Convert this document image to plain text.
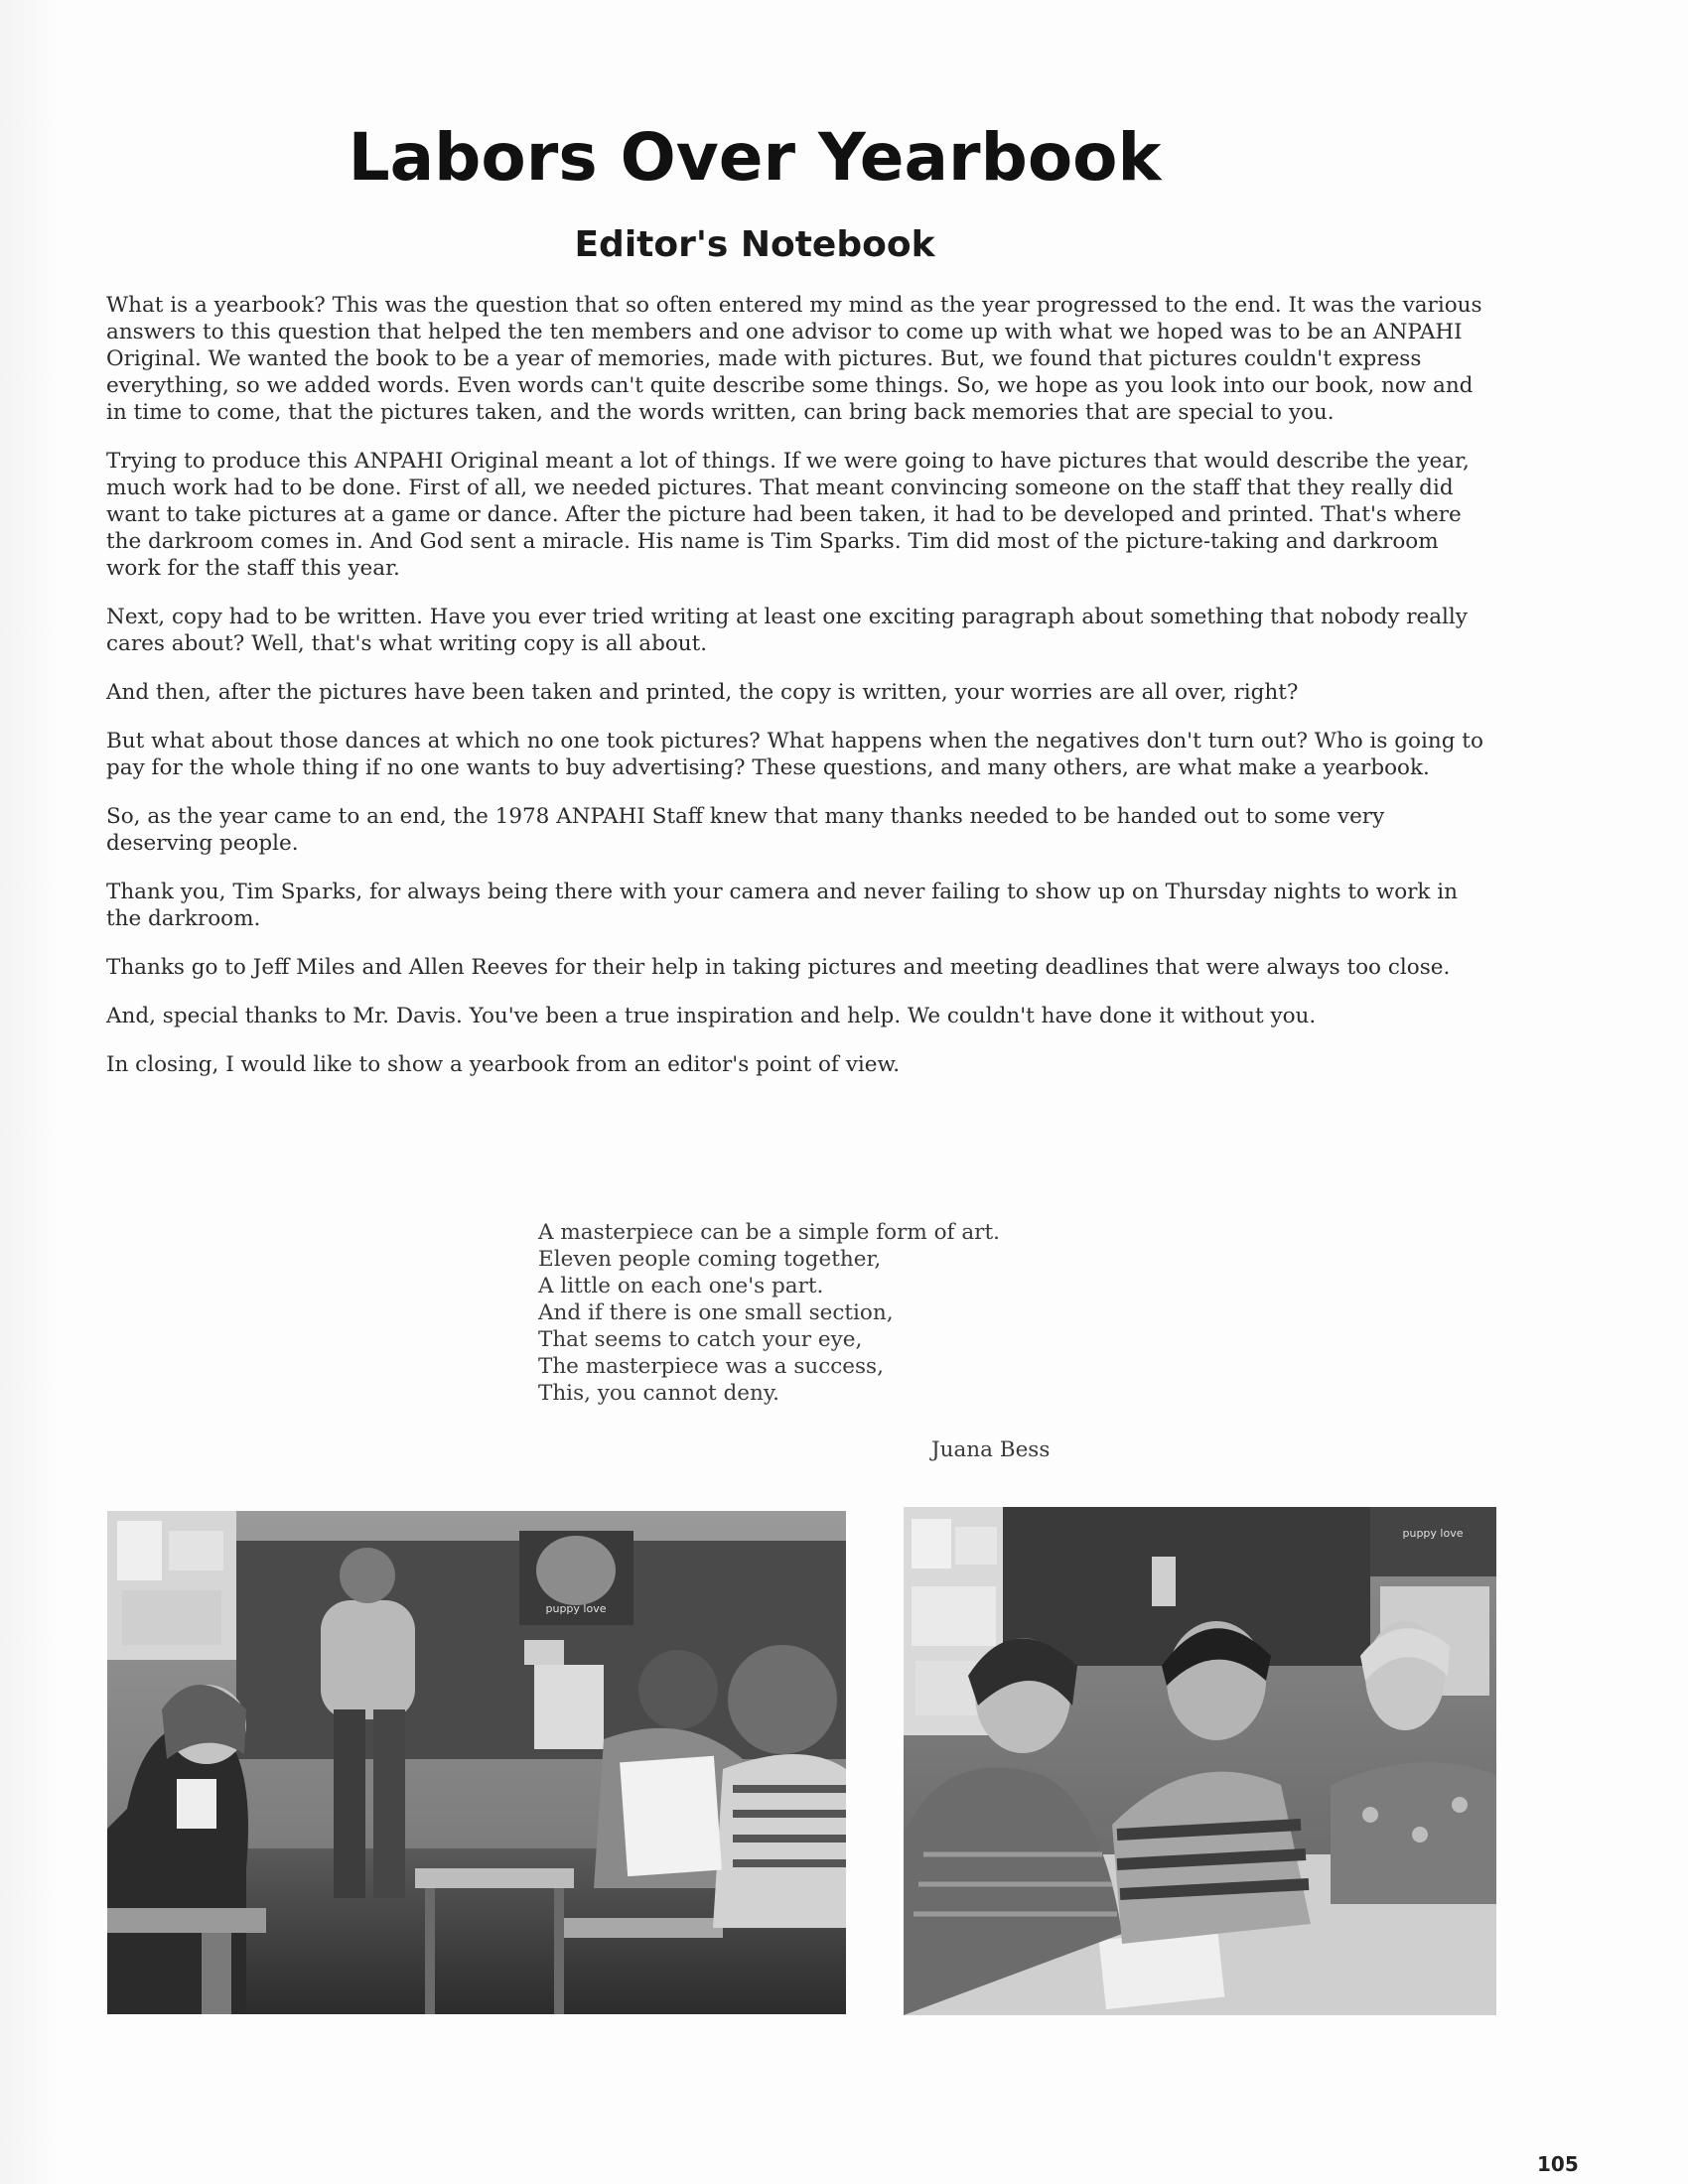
Labors Over Yearbook
Editor's Notebook

What is a yearbook? This was the question that so often entered my mind as the year progressed to the end. It was the various answers to this question that helped the ten members and one advisor to come up with what we hoped was to be an ANPAHI Original. We wanted the book to be a year of memories, made with pictures. But, we found that pictures couldn't express everything, so we added words. Even words can't quite describe some things. So, we hope as you look into our book, now and in time to come, that the pictures taken, and the words written, can bring back memories that are special to you.

Trying to produce this ANPAHI Original meant a lot of things. If we were going to have pictures that would describe the year, much work had to be done. First of all, we needed pictures. That meant convincing someone on the staff that they really did want to take pictures at a game or dance. After the picture had been taken, it had to be developed and printed. That's where the darkroom comes in. And God sent a miracle. His name is Tim Sparks. Tim did most of the picture-taking and darkroom work for the staff this year.

Next, copy had to be written. Have you ever tried writing at least one exciting paragraph about something that nobody really cares about? Well, that's what writing copy is all about.

And then, after the pictures have been taken and printed, the copy is written, your worries are all over, right?

But what about those dances at which no one took pictures? What happens when the negatives don't turn out? Who is going to pay for the whole thing if no one wants to buy advertising? These questions, and many others, are what make a yearbook.

So, as the year came to an end, the 1978 ANPAHI Staff knew that many thanks needed to be handed out to some very deserving people.

Thank you, Tim Sparks, for always being there with your camera and never failing to show up on Thursday nights to work in the darkroom.

Thanks go to Jeff Miles and Allen Reeves for their help in taking pictures and meeting deadlines that were always too close.

And, special thanks to Mr. Davis. You've been a true inspiration and help. We couldn't have done it without you.

In closing, I would like to show a yearbook from an editor's point of view.

A masterpiece can be a simple form of art.

Eleven people coming together,

A little on each one's part.

And if there is one small section,

That seems to catch your eye,

The masterpiece was a success,

This, you cannot deny.

Juana Bess
puppy love
puppy love
105
